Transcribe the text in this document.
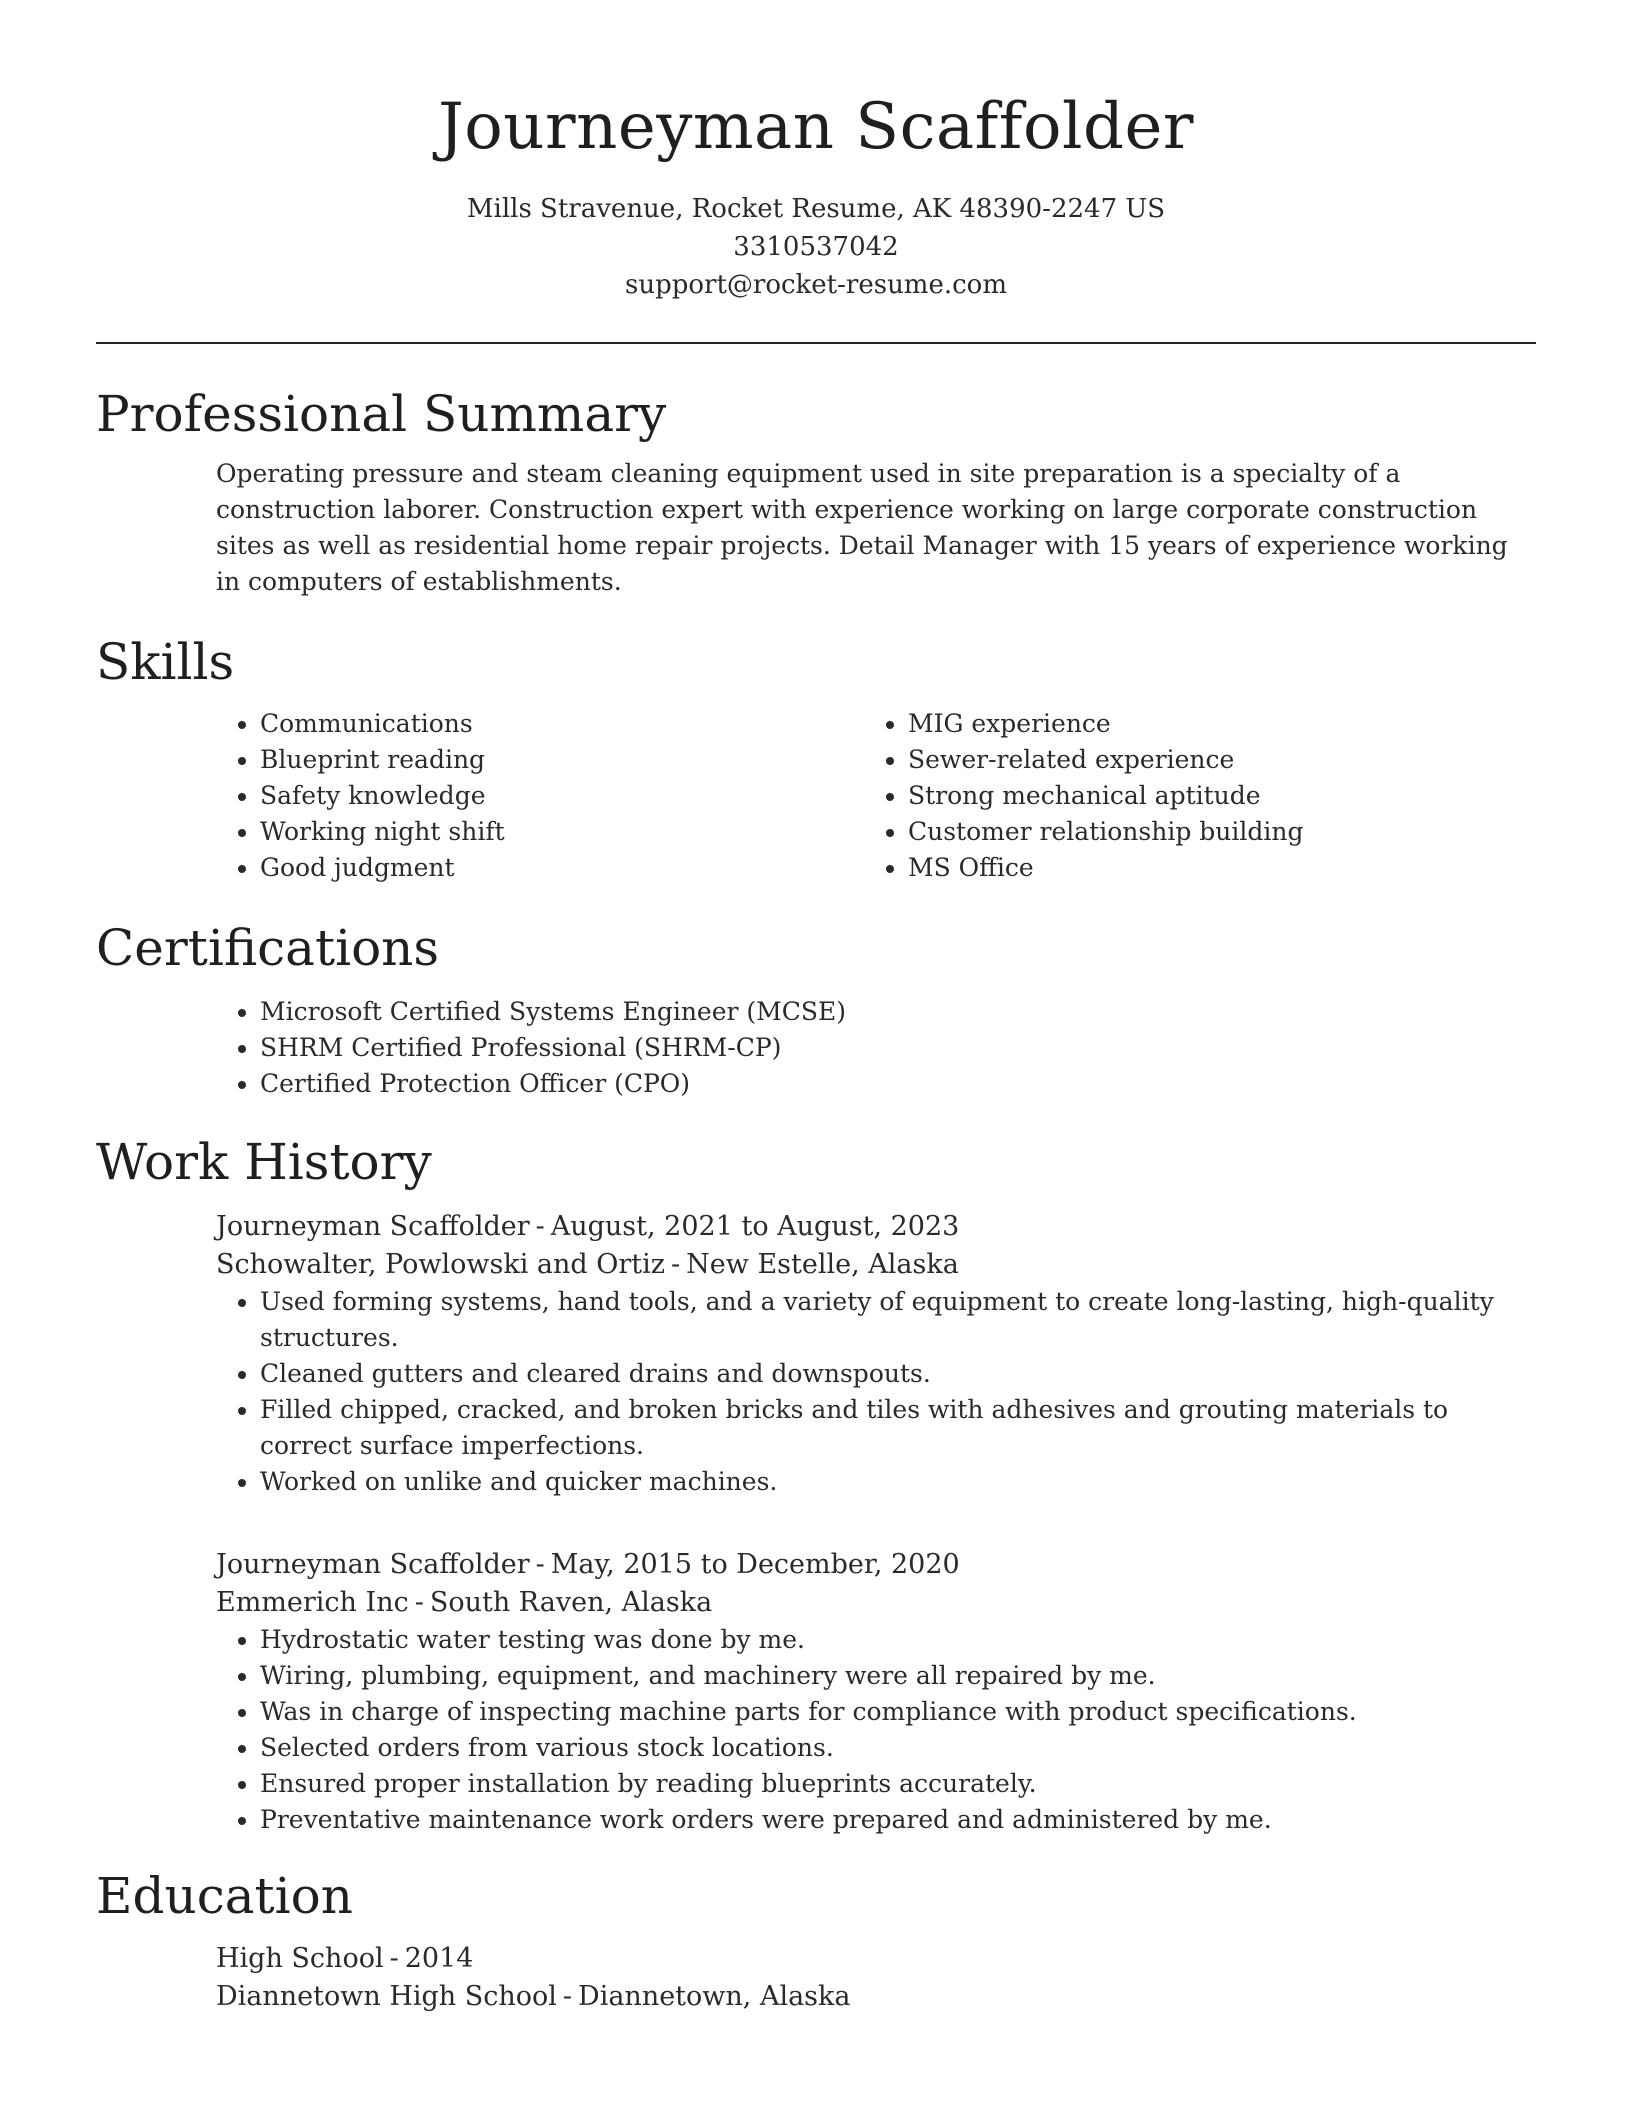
Journeyman Scaffolder
Mills Stravenue, Rocket Resume, AK 48390-2247 US
3310537042
support@rocket-resume.com
Professional Summary
Operating pressure and steam cleaning equipment used in site preparation is a specialty of a construction laborer. Construction expert with experience working on large corporate construction sites as well as residential home repair projects. Detail Manager with 15 years of experience working in computers of establishments.
Skills
• Communications
• Blueprint reading
• Safety knowledge
• Working night shift
• Good judgment
• MIG experience
• Sewer-related experience
• Strong mechanical aptitude
• Customer relationship building
• MS Office
Certifications
• Microsoft Certified Systems Engineer (MCSE)
• SHRM Certified Professional (SHRM-CP)
• Certified Protection Officer (CPO)
Work History
Journeyman Scaffolder - August, 2021 to August, 2023
Schowalter, Powlowski and Ortiz - New Estelle, Alaska
• Used forming systems, hand tools, and a variety of equipment to create long-lasting, high-quality structures.
• Cleaned gutters and cleared drains and downspouts.
• Filled chipped, cracked, and broken bricks and tiles with adhesives and grouting materials to correct surface imperfections.
• Worked on unlike and quicker machines.
Journeyman Scaffolder - May, 2015 to December, 2020
Emmerich Inc - South Raven, Alaska
• Hydrostatic water testing was done by me.
• Wiring, plumbing, equipment, and machinery were all repaired by me.
• Was in charge of inspecting machine parts for compliance with product specifications.
• Selected orders from various stock locations.
• Ensured proper installation by reading blueprints accurately.
• Preventative maintenance work orders were prepared and administered by me.
Education
High School - 2014
Diannetown High School - Diannetown, Alaska
